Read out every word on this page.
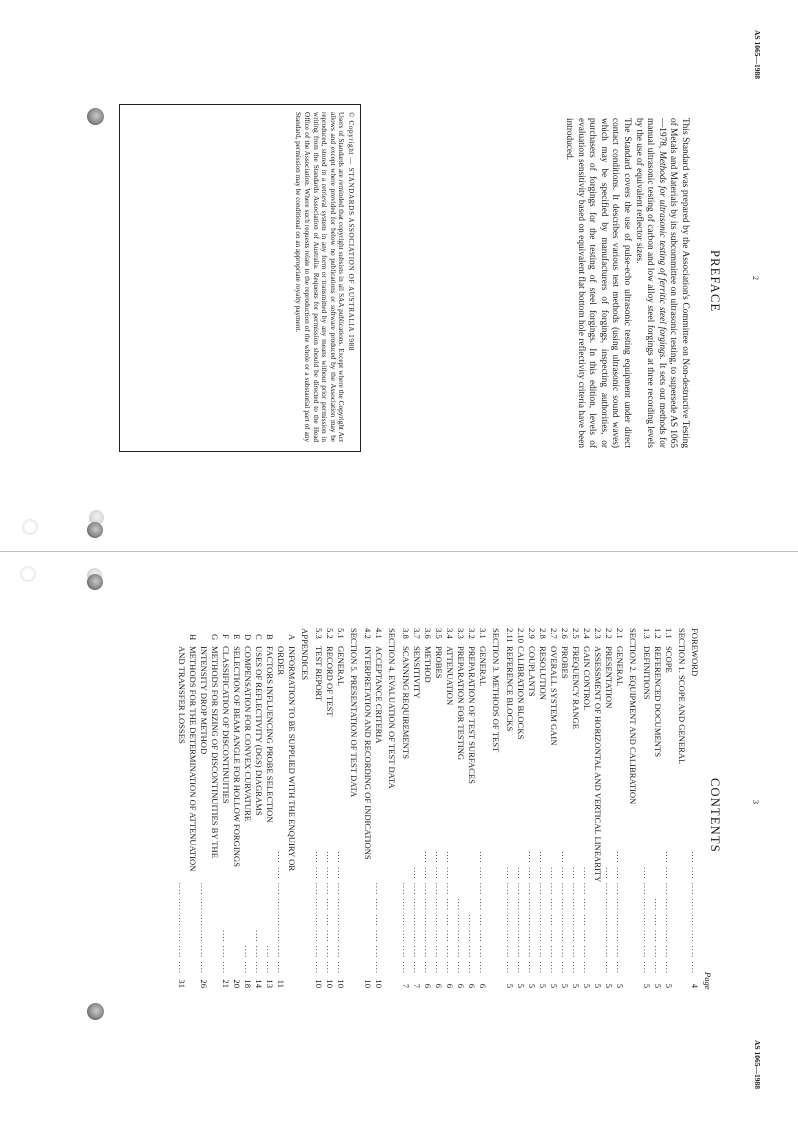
AS 1065—1988
2
PREFACE

This Standard was prepared by the Association's Committee on Non-destructive Testing of Metals and Materials by its subcommittee on ultrasonic testing, to supersede AS 1065—1978, Methods for ultrasonic testing of ferritic steel forgings. It sets out methods for manual ultrasonic testing of carbon and low alloy steel forgings at three recording levels by the use of equivalent reflector sizes.

The Standard covers the use of pulse-echo ultrasonic testing equipment under direct contact conditions. It describes various test methods (using ultrasonic sound waves) which may be specified by manufacturers of forgings, inspecting authorities, or purchasers of forgings for the testing of steel forgings. In this edition, levels of evaluation sensitivity based on equivalent flat bottom hole reflectivity criteria have been introduced.

© Copyright — STANDARDS ASSOCIATION OF AUSTRALIA 1988

Users of Standards are reminded that copyright subsists in all SAA publications. Except where the Copyright Act allows and except where provided for below no publications or software produced by the Association may be reproduced, stored in a retrieval system in any form or transmitted by any means without prior permission in writing from the Standards Association of Australia. Requests for permission should be directed to the Head Office of the Association. Where such requests relate to the reproduction of the whole or a substantial part of any Standard, permission may be conditional on an appropriate royalty payment.

3
AS 1065—1988
CONTENTS
Page
FOREWORD
.... .... .... .... .... .... .... ....
4
SECTION 1. SCOPE AND GENERAL
1.1
SCOPE
.... .... .... .... .... .... .... ....
5
1.2
REFERENCED DOCUMENTS
.... .... .... .... ....
5
1.3
DEFINITIONS
.... .... .... .... .... .... ....
5
SECTION 2. EQUIPMENT AND CALIBRATION
2.1
GENERAL
.... .... .... .... .... .... .... ....
5
2.2
PRESENTATION
.... .... .... .... .... .... ....
5
2.3
ASSESSMENT OF HORIZONTAL AND VERTICAL LINEARITY
5
2.4
GAIN CONTROL
.... .... .... .... .... .... ....
5
2.5
FREQUENCY RANGE
.... .... .... .... .... .... ....
5
2.6
PROBES
.... .... .... .... .... .... .... ....
5
2.7
OVERALL SYSTEM GAIN
.... .... .... .... .... .... ....
5
2.8
RESOLUTION
.... .... .... .... .... .... .... ....
5
2.9
COUPLANTS
.... .... .... .... .... .... .... ....
5
2.10
CALIBRATION BLOCKS
.... .... .... .... .... .... ....
5
2.11
REFERENCE BLOCKS
.... .... .... .... .... .... ....
5
SECTION 3. METHODS OF TEST
3.1
GENERAL
.... .... .... .... .... .... .... ....
6
3.2
PREPARATION OF TEST SURFACES
.... .... .... ....
6
3.3
PREPARATION FOR TESTING
.... .... .... .... ....
6
3.4
ATTENUATION
.... .... .... .... .... .... .... ....
6
3.5
PROBES
.... .... .... .... .... .... .... ....
6
3.6
METHOD
.... .... .... .... .... .... .... ....
6
3.7
SENSITIVITY
.... .... .... .... .... .... ....
7
3.8
SCANNING REQUIREMENTS
.... .... .... .... .... ....
7
SECTION 4. EVALUATION OF TEST DATA
4.1
ACCEPTANCE CRITERIA
.... .... .... .... .... ....
10
4.2
INTERPRETATION AND RECORDING OF INDICATIONS
10
SECTION 5. PRESENTATION OF TEST DATA
5.1
GENERAL
.... .... .... .... .... .... .... ....
10
5.2
RECORD OF TEST
.... .... .... .... .... .... .... ....
10
5.3
TEST REPORT
.... .... .... .... .... .... .... ....
10
APPENDICES
A
INFORMATION TO BE SUPPLIED WITH THE ENQUIRY OR
ORDER
.... .... .... .... .... .... .... ....
11
B
FACTORS INFLUENCING PROBE SELECTION
.... ....
13
C
USES OF REFLECTIVITY (DGS) DIAGRAMS
.... .... ....
14
D
COMPENSATION FOR CONVEX CURVATURE
.... ....
18
E
SELECTION OF BEAM ANGLE FOR HOLLOW FORGINGS
20
F
CLASSIFICATION OF DISCONTINUITIES
.... .... ....
21
G
METHODS FOR SIZING OF DISCONTINUITIES BY THE
INTENSITY DROP METHOD
.... .... .... .... .... ....
26
H
METHODS FOR THE DETERMINATION OF ATTENUATION
AND TRANSFER LOSSES
.... .... .... .... .... ....
31
